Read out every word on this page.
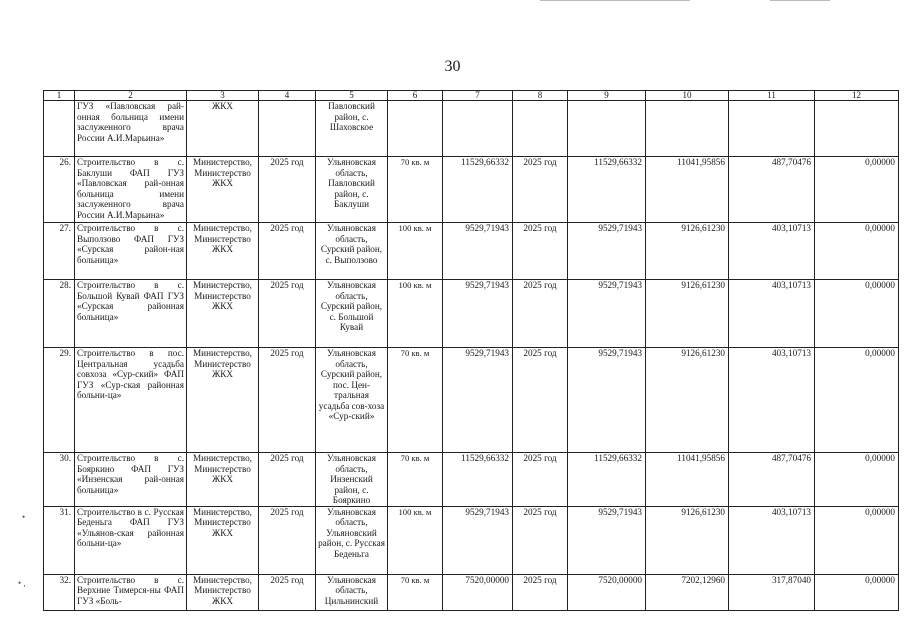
30
1	2	3	4	5	6	7	8	9	10	11	12
	ГУЗ «Павловская рай-онная больница имени заслуженного врача России А.И.Марьина»	ЖКХ		Павловский район, с. Шаховское							
26.	Строительство в с. Баклуши ФАП ГУЗ «Павловская рай-онная больница имени заслуженного врача России А.И.Марьина»	Министерство, Министерство ЖКХ	2025 год	Ульяновская область, Павловский район, с. Баклуши	70 кв. м	11529,66332	2025 год	11529,66332	11041,95856	487,70476	0,00000
27.	Строительство в с. Выползово ФАП ГУЗ «Сурская район-ная больница»	Министерство, Министерство ЖКХ	2025 год	Ульяновская область, Сурский район, с. Выползово	100 кв. м	9529,71943	2025 год	9529,71943	9126,61230	403,10713	0,00000
28.	Строительство в с. Большой Кувай ФАП ГУЗ «Сурская районная больница»	Министерство, Министерство ЖКХ	2025 год	Ульяновская область, Сурский район, с. Большой Кувай	100 кв. м	9529,71943	2025 год	9529,71943	9126,61230	403,10713	0,00000
29.	Строительство в пос. Центральная усадьба совхоза «Сур-ский» ФАП ГУЗ «Сур-ская районная больни-ца»	Министерство, Министерство ЖКХ	2025 год	Ульяновская область, Сурский район, пос. Цен-тральная усадьба сов-хоза «Сур-ский»	70 кв. м	9529,71943	2025 год	9529,71943	9126,61230	403,10713	0,00000
30.	Строительство в с. Бояркино ФАП ГУЗ «Инзенская рай-онная больница»	Министерство, Министерство ЖКХ	2025 год	Ульяновская область, Инзенский район, с. Бояркино	70 кв. м	11529,66332	2025 год	11529,66332	11041,95856	487,70476	0,00000
31.	Строительство в с. Русская Беденьга ФАП ГУЗ «Ульянов-ская районная больни-ца»	Министерство, Министерство ЖКХ	2025 год	Ульяновская область, Ульяновский район, с. Русская Беденьга	100 кв. м	9529,71943	2025 год	9529,71943	9126,61230	403,10713	0,00000
32.	Строительство в с. Верхние Тимерся-ны ФАП ГУЗ «Боль-	Министерство, Министерство ЖКХ	2025 год	Ульяновская область, Цильнинский	70 кв. м	7520,00000	2025 год	7520,00000	7202,12960	317,87040	0,00000
•
• ,
